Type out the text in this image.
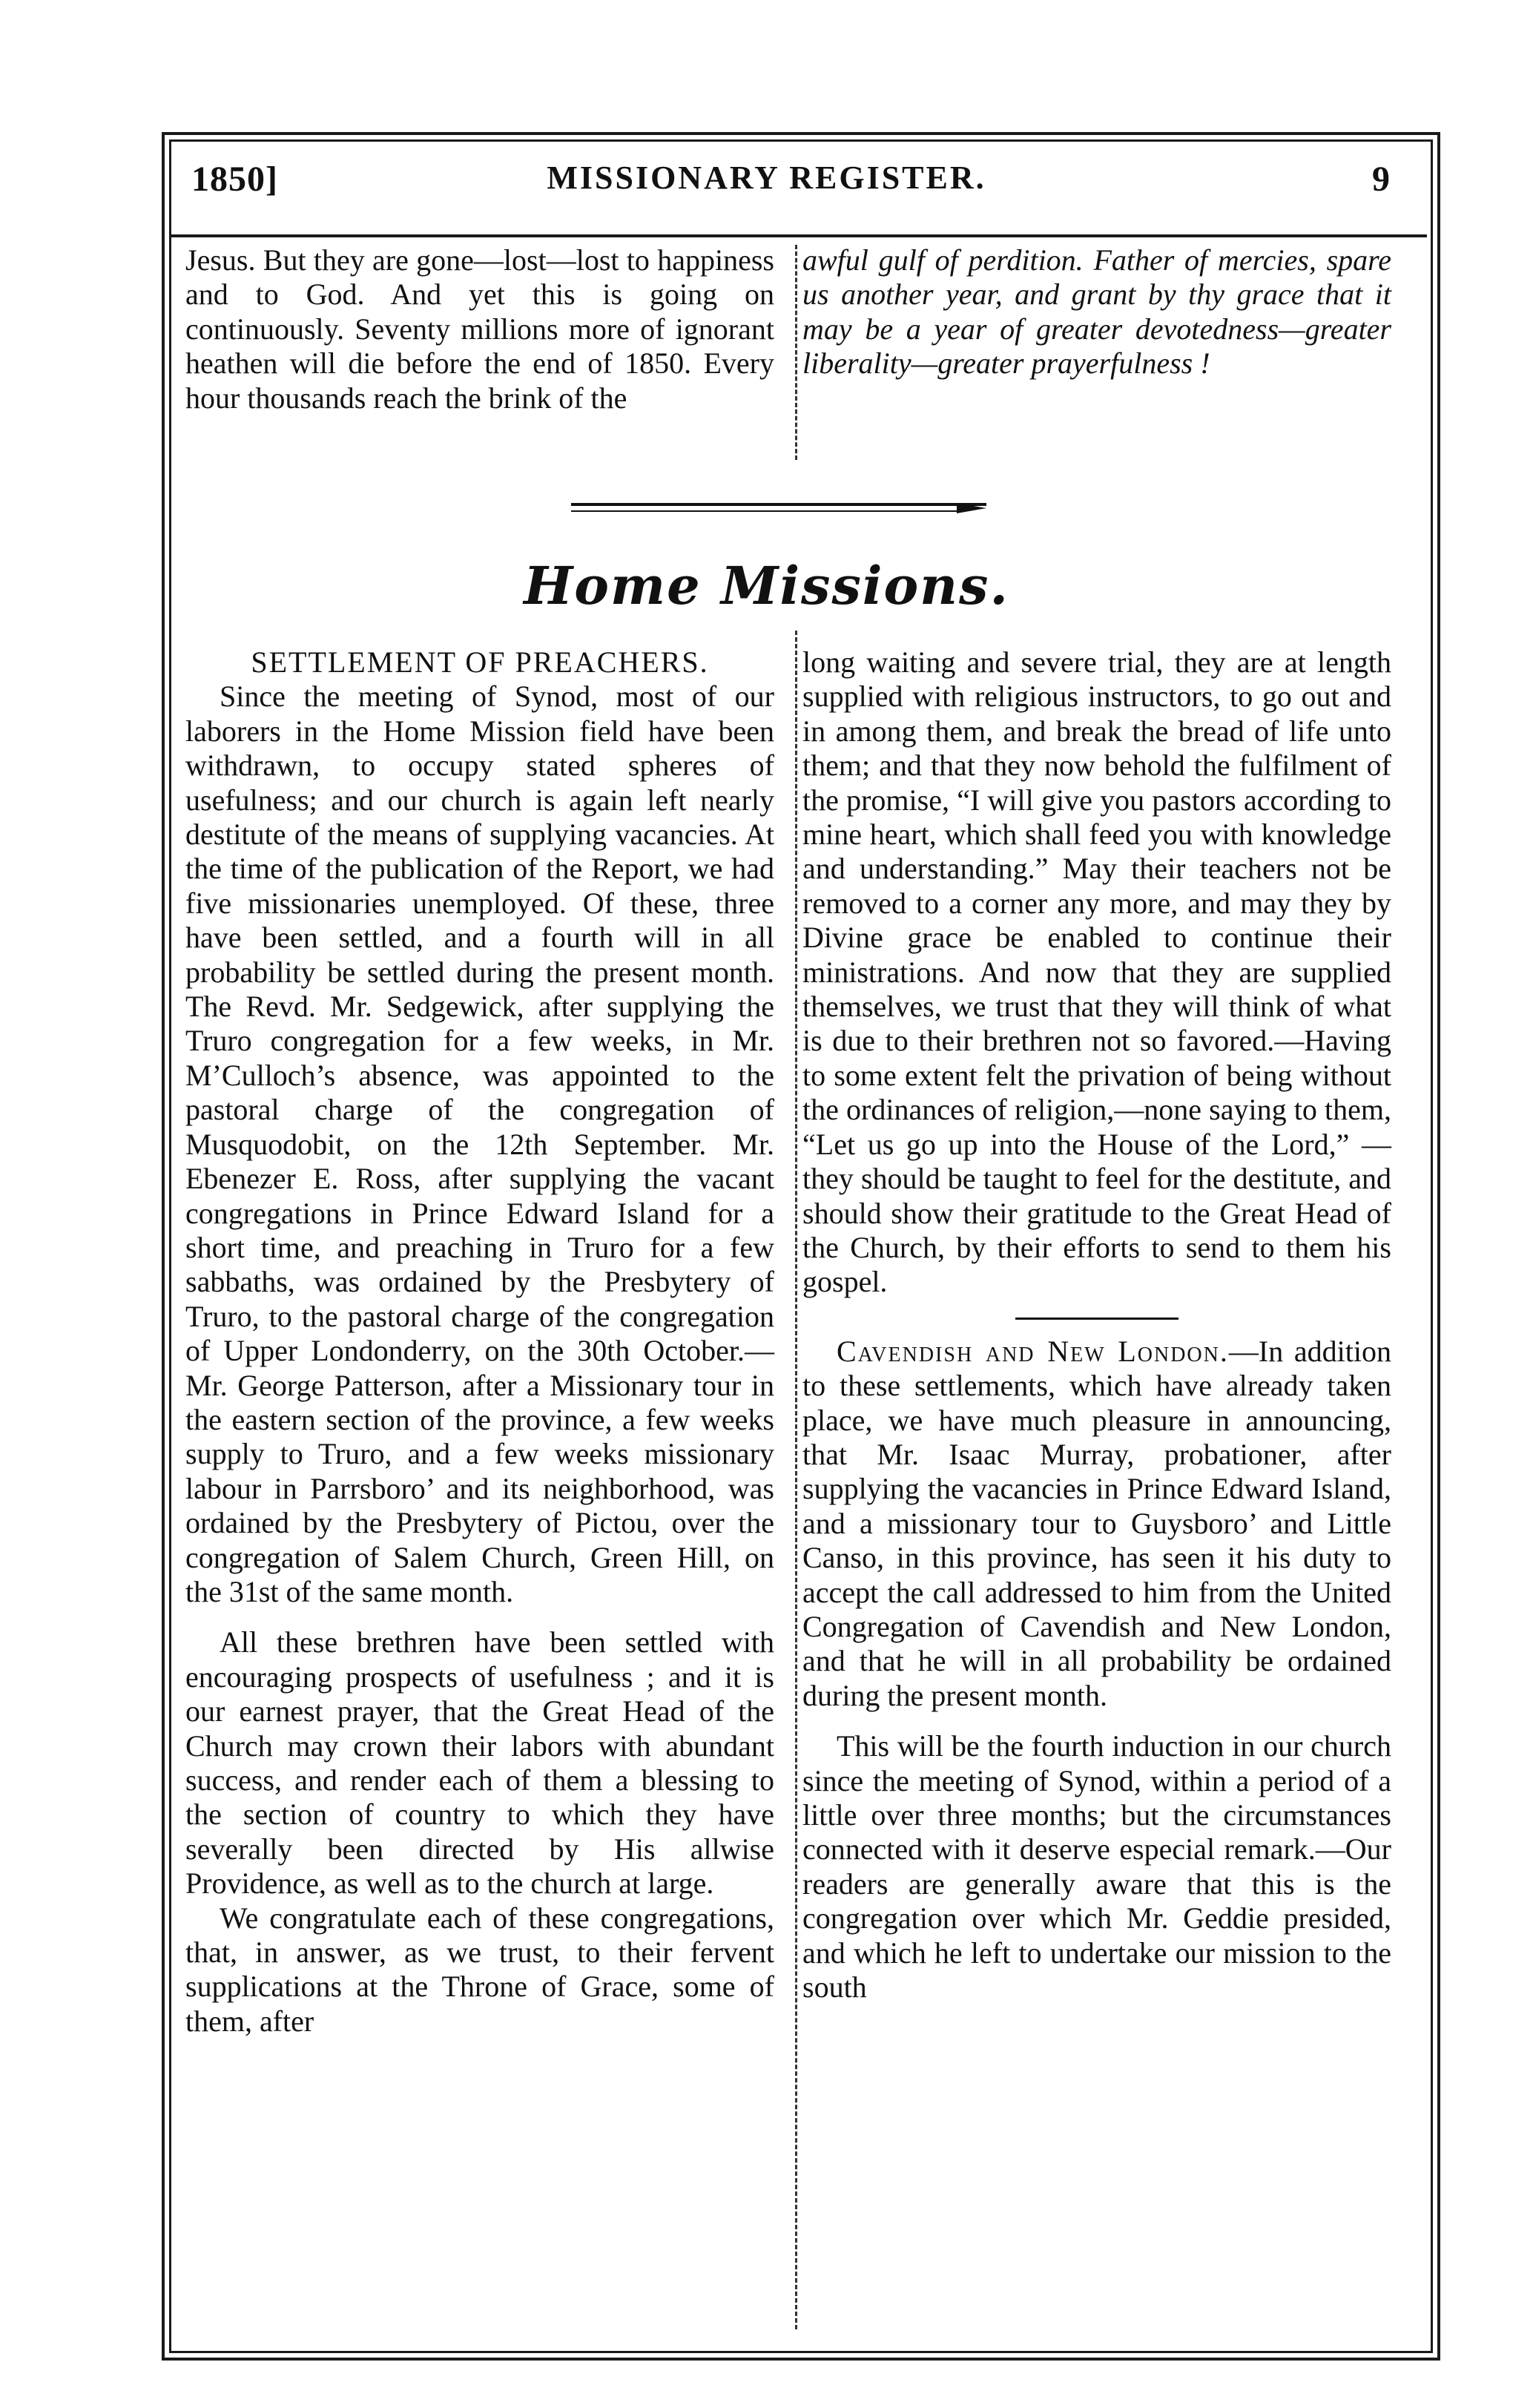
1850]	MISSIONARY REGISTER.	9

Jesus. But they are gone—lost—lost to happiness and to God. And yet this is going on continuously. Seventy millions more of ignorant heathen will die before the end of 1850. Every hour thousands reach the brink of the

awful gulf of perdition. Father of mercies, spare us another year, and grant by thy grace that it may be a year of greater devotedness—greater liberality—greater prayerfulness !

Home Missions.

SETTLEMENT OF PREACHERS.

Since the meeting of Synod, most of our laborers in the Home Mission field have been withdrawn, to occupy stated spheres of usefulness; and our church is again left nearly destitute of the means of supplying vacancies. At the time of the publication of the Report, we had five missionaries unemployed. Of these, three have been settled, and a fourth will in all probability be settled during the present month. The Revd. Mr. Sedgewick, after supplying the Truro congregation for a few weeks, in Mr. M’Culloch’s absence, was appointed to the pastoral charge of the congregation of Musquodobit, on the 12th September. Mr. Ebenezer E. Ross, after supplying the vacant congregations in Prince Edward Island for a short time, and preaching in Truro for a few sabbaths, was ordained by the Presbytery of Truro, to the pastoral charge of the congregation of Upper Londonderry, on the 30th October.—Mr. George Patterson, after a Missionary tour in the eastern section of the province, a few weeks supply to Truro, and a few weeks missionary labour in Parrsboro’ and its neighborhood, was ordained by the Presbytery of Pictou, over the congregation of Salem Church, Green Hill, on the 31st of the same month.

All these brethren have been settled with encouraging prospects of usefulness ; and it is our earnest prayer, that the Great Head of the Church may crown their labors with abundant success, and render each of them a blessing to the section of country to which they have severally been directed by His allwise Providence, as well as to the church at large.

We congratulate each of these congregations, that, in answer, as we trust, to their fervent supplications at the Throne of Grace, some of them, after

long waiting and severe trial, they are at length supplied with religious instructors, to go out and in among them, and break the bread of life unto them; and that they now behold the fulfilment of the promise, “I will give you pastors according to mine heart, which shall feed you with knowledge and understanding.” May their teachers not be removed to a corner any more, and may they by Divine grace be enabled to continue their ministrations. And now that they are supplied themselves, we trust that they will think of what is due to their brethren not so favored.—Having to some extent felt the privation of being without the ordinances of religion,—none saying to them, “Let us go up into the House of the Lord,” —they should be taught to feel for the destitute, and should show their gratitude to the Great Head of the Church, by their efforts to send to them his gospel.

Cavendish and New London.—In addition to these settlements, which have already taken place, we have much pleasure in announcing, that Mr. Isaac Murray, probationer, after supplying the vacancies in Prince Edward Island, and a missionary tour to Guysboro’ and Little Canso, in this province, has seen it his duty to accept the call addressed to him from the United Congregation of Cavendish and New London, and that he will in all probability be ordained during the present month.

This will be the fourth induction in our church since the meeting of Synod, within a period of a little over three months; but the circumstances connected with it deserve especial remark.—Our readers are generally aware that this is the congregation over which Mr. Geddie presided, and which he left to undertake our mission to the south
